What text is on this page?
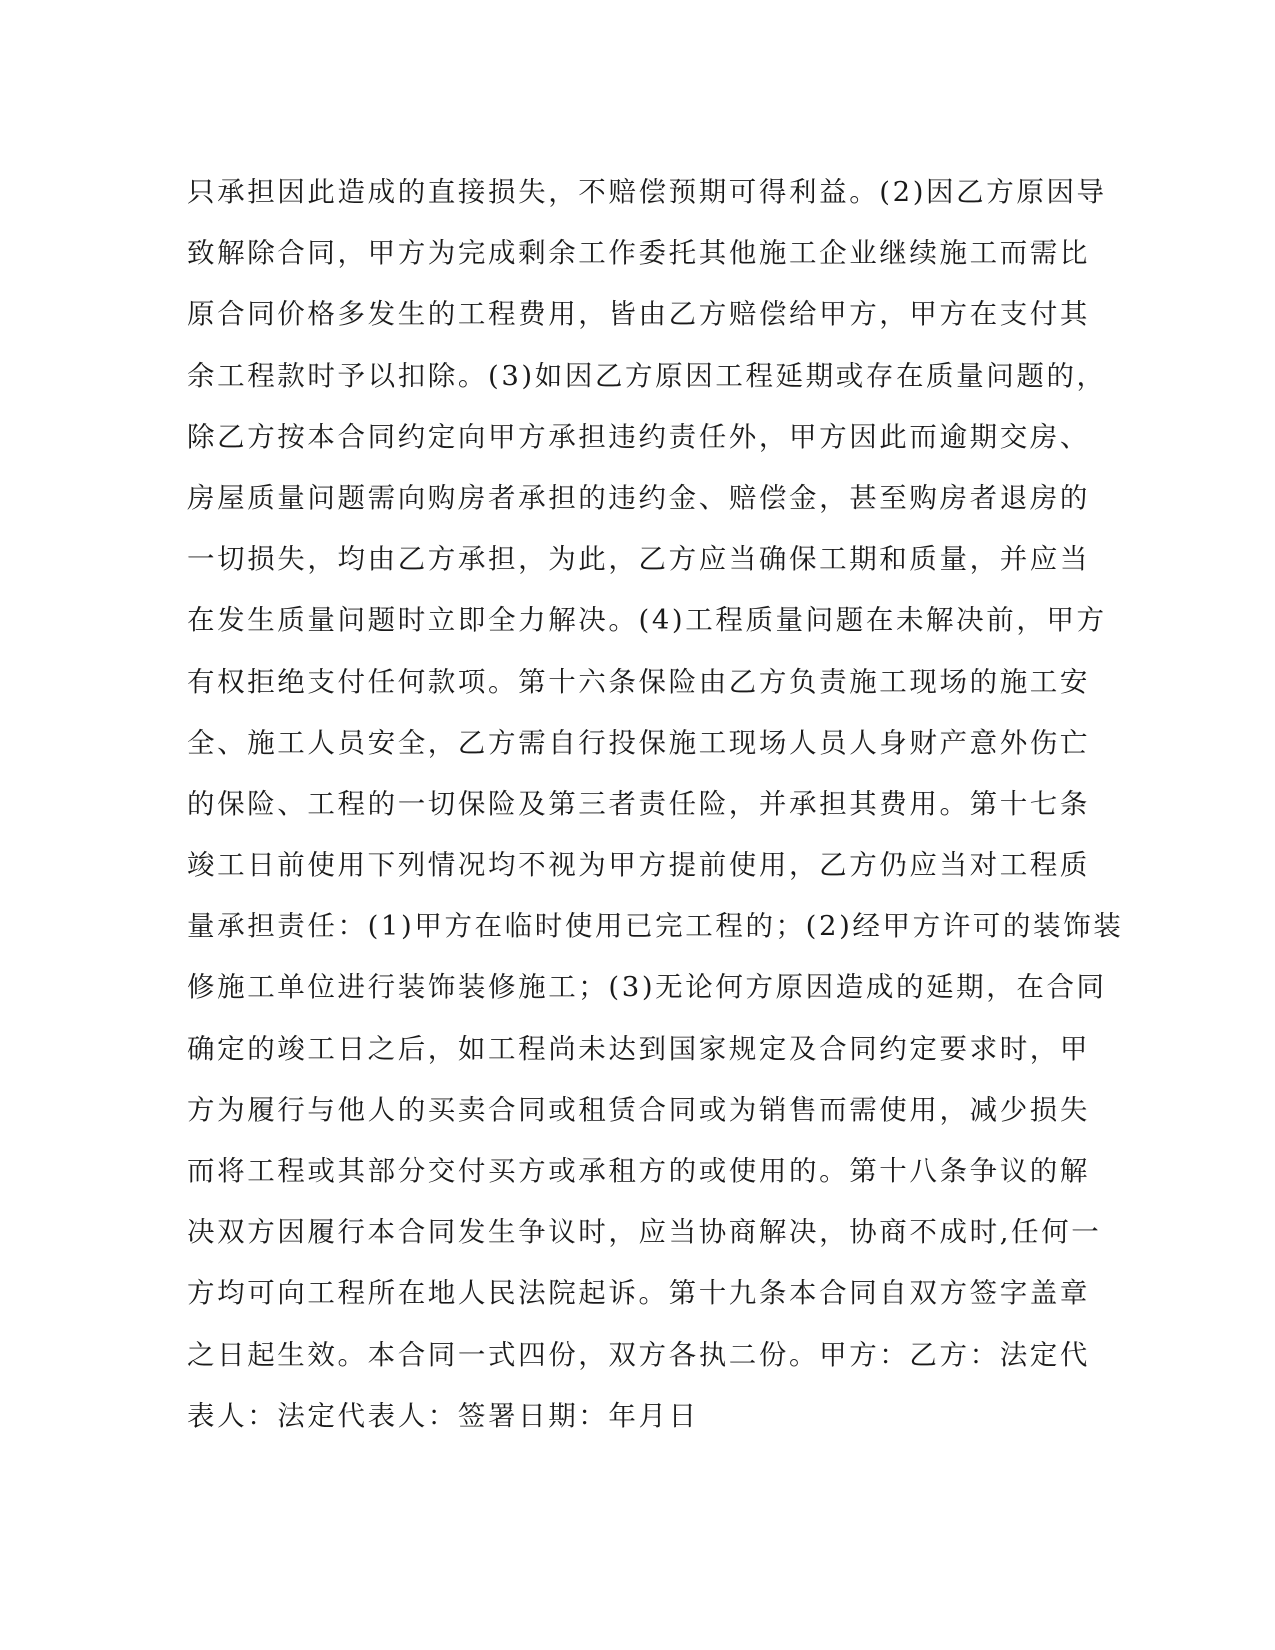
只承担因此造成的直接损失，不赔偿预期可得利益。(2)因乙方原因导
致解除合同，甲方为完成剩余工作委托其他施工企业继续施工而需比
原合同价格多发生的工程费用，皆由乙方赔偿给甲方，甲方在支付其
余工程款时予以扣除。(3)如因乙方原因工程延期或存在质量问题的，
除乙方按本合同约定向甲方承担违约责任外，甲方因此而逾期交房、
房屋质量问题需向购房者承担的违约金、赔偿金，甚至购房者退房的
一切损失，均由乙方承担，为此，乙方应当确保工期和质量，并应当
在发生质量问题时立即全力解决。(4)工程质量问题在未解决前，甲方
有权拒绝支付任何款项。第十六条保险由乙方负责施工现场的施工安
全、施工人员安全，乙方需自行投保施工现场人员人身财产意外伤亡
的保险、工程的一切保险及第三者责任险，并承担其费用。第十七条
竣工日前使用下列情况均不视为甲方提前使用，乙方仍应当对工程质
量承担责任：(1)甲方在临时使用已完工程的；(2)经甲方许可的装饰装
修施工单位进行装饰装修施工；(3)无论何方原因造成的延期，在合同
确定的竣工日之后，如工程尚未达到国家规定及合同约定要求时，甲
方为履行与他人的买卖合同或租赁合同或为销售而需使用，减少损失
而将工程或其部分交付买方或承租方的或使用的。第十八条争议的解
决双方因履行本合同发生争议时，应当协商解决，协商不成时,任何一
方均可向工程所在地人民法院起诉。第十九条本合同自双方签字盖章
之日起生效。本合同一式四份，双方各执二份。甲方：乙方：法定代
表人：法定代表人：签署日期：年月日
